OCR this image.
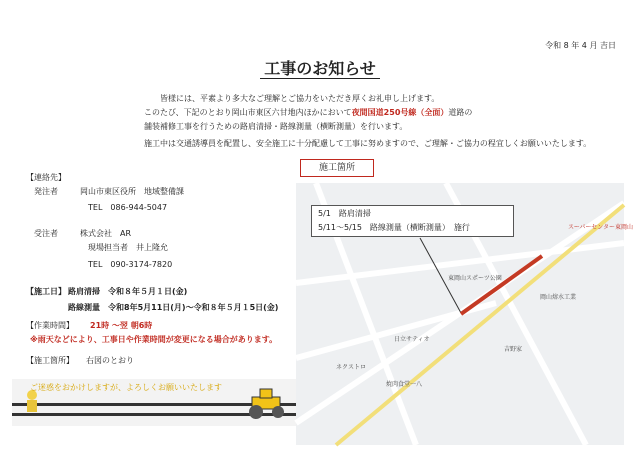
令和 8 年 4 月 吉日
工事のお知らせ
皆様には、平素より多大なご理解とご協力をいただき厚くお礼申し上げます。
このたび、下記のとおり岡山市東区六甘地内ほかにおいて夜間国道250号線（全面）道路の
舗装補修工事を行うための路肩清掃・路線測量（横断測量）を行います。
施工中は交通誘導員を配置し、安全施工に十分配慮して工事に努めますので、ご理解・ご協力の程宜しくお願いいたします。
施工箇所
【連絡先】
発注者	岡山市東区役所　地域整備課
TEL　086-944-5047
受注者	株式会社　AR
現場担当者　井上隆允
TEL　090-3174-7820
【施工日】 路肩清掃　令和８年５月１日(金)
路線測量　令和8年5月11日(月)～令和８年５月１5日(金)
【作業時間】 21時 ～翌 朝6時
※雨天などにより、工事日や作業時間が変更になる場合があります。
【施工箇所】 右図のとおり
ご迷惑をおかけしますが、よろしくお願いいたします
スーパーセンター東岡山
東岡山スポーツ公園
岡山熔水工業
日立サティオ
吉野家
ネクストロ
焼肉食堂一八
5/1　路肩清掃
5/11～5/15　路線測量（横断測量）　施行
